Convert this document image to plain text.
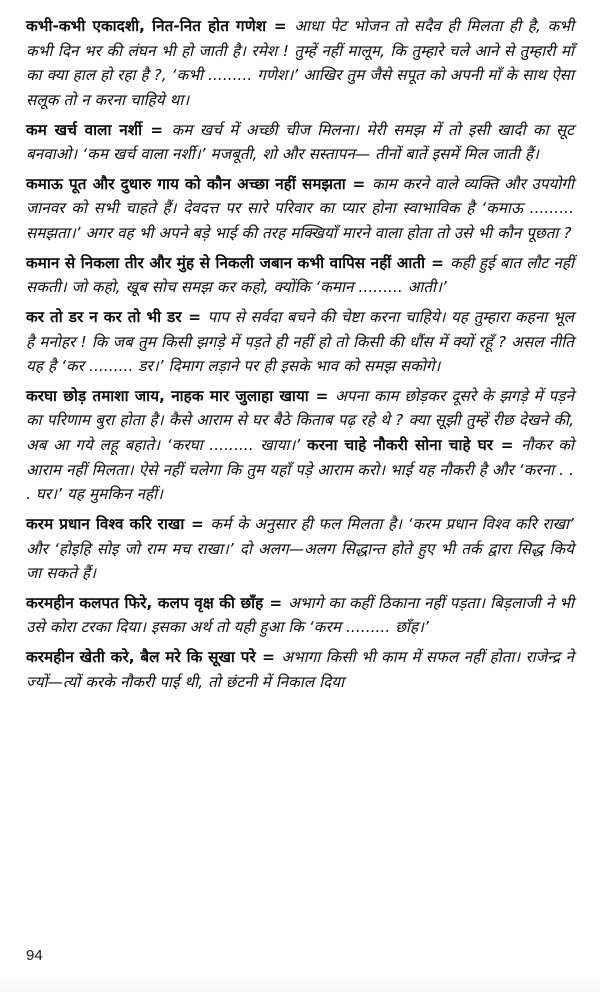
कभी-कभी एकादशी, नित-नित होत गणेश = आधा पेट भोजन तो सदैव ही मिलता ही है, कभी कभी दिन भर की लंघन भी हो जाती है। रमेश ! तुम्हें नहीं मालूम, कि तुम्हारे चले आने से तुम्हारी माँ का क्या हाल हो रहा है ?, ‘कभी ......... गणेश।’ आखिर तुम जैसे सपूत को अपनी माँ के साथ ऐसा सलूक तो न करना चाहिये था।

कम खर्च वाला नर्शी = कम खर्च में अच्छी चीज मिलना। मेरी समझ में तो इसी खादी का सूट बनवाओ। ‘कम खर्च वाला नर्शी।’ मजबूती, शो और सस्तापन— तीनों बातें इसमें मिल जाती हैं।

कमाऊ पूत और दुधारु गाय को कौन अच्छा नहीं समझता = काम करने वाले व्यक्ति और उपयोगी जानवर को सभी चाहते हैं। देवदत्त पर सारे परिवार का प्यार होना स्वाभाविक है ‘कमाऊ ......... समझता।’ अगर वह भी अपने बड़े भाई की तरह मक्खियाँ मारने वाला होता तो उसे भी कौन पूछता ?

कमान से निकला तीर और मुंह से निकली जबान कभी वापिस नहीं आती = कही हुई बात लौट नहीं सकती। जो कहो, खूब सोच समझ कर कहो, क्योंकि ‘कमान ......... आती।’

कर तो डर न कर तो भी डर = पाप से सर्वदा बचने की चेष्टा करना चाहिये। यह तुम्हारा कहना भूल है मनोहर ! कि जब तुम किसी झगड़े में पड़ते ही नहीं हो तो किसी की धौंस में क्यों रहूँ ? असल नीति यह है ‘कर ......... डर।’ दिमाग लड़ाने पर ही इसके भाव को समझ सकोगे।

करघा छोड़ तमाशा जाय, नाहक मार जुलाहा खाया = अपना काम छोड़कर दूसरे के झगड़े में पड़ने का परिणाम बुरा होता है। कैसे आराम से घर बैठे किताब पढ़ रहे थे ? क्या सूझी तुम्हें रीछ देखने की, अब आ गये लहू बहाते। ‘करघा ......... खाया।’ करना चाहे नौकरी सोना चाहे घर = नौकर को आराम नहीं मिलता। ऐसे नहीं चलेगा कि तुम यहाँ पड़े आराम करो। भाई यह नौकरी है और ‘करना . . . घर।’ यह मुमकिन नहीं।

करम प्रधान विश्व करि राखा = कर्म के अनुसार ही फल मिलता है। ‘करम प्रधान विश्व करि राखा’ और ‘होइहि सोइ जो राम मच राखा।’ दो अलग—अलग सिद्धान्त होते हुए भी तर्क द्वारा सिद्ध किये जा सकते हैं।

करमहीन कलपत फिरे, कलप वृक्ष की छाँह = अभागे का कहीं ठिकाना नहीं पड़ता। बिड़लाजी ने भी उसे कोरा टरका दिया। इसका अर्थ तो यही हुआ कि ‘करम ......... छाँह।’

करमहीन खेती करे, बैल मरे कि सूखा परे = अभागा किसी भी काम में सफल नहीं होता। राजेन्द्र ने ज्यों—त्यों करके नौकरी पाई थी, तो छंटनी में निकाल दिया

94
